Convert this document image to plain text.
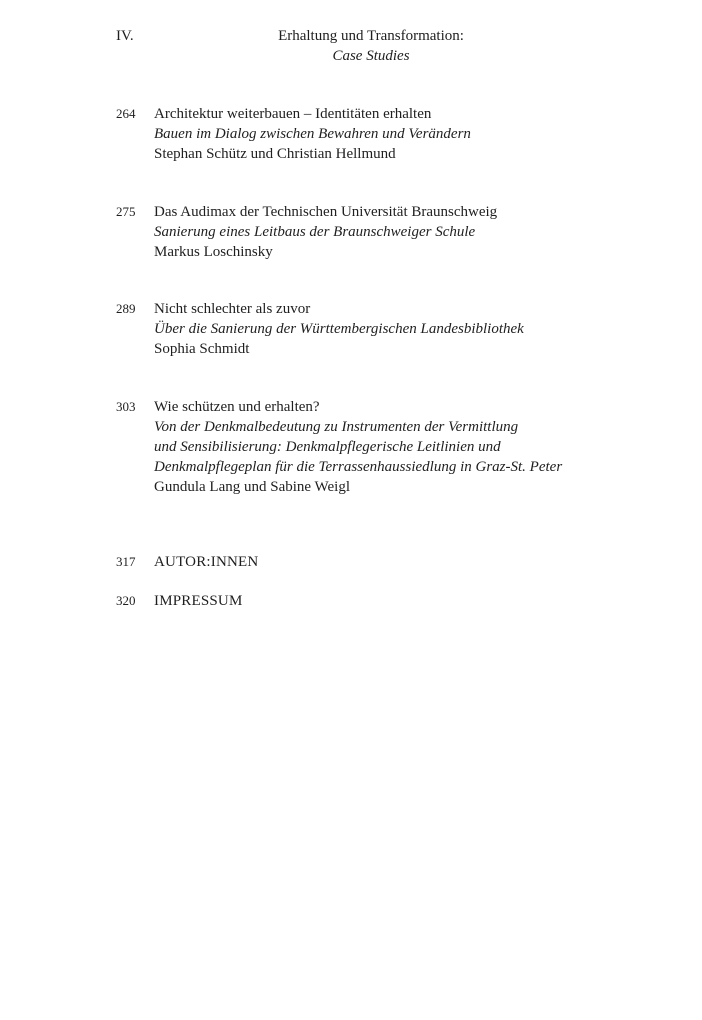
IV.	Erhaltung und Transformation:
Case Studies
264	Architektur weiterbauen – Identitäten erhalten
Bauen im Dialog zwischen Bewahren und Verändern
Stephan Schütz und Christian Hellmund
275	Das Audimax der Technischen Universität Braunschweig
Sanierung eines Leitbaus der Braunschweiger Schule
Markus Loschinsky
289	Nicht schlechter als zuvor
Über die Sanierung der Württembergischen Landesbibliothek
Sophia Schmidt
303	Wie schützen und erhalten?
Von der Denkmalbedeutung zu Instrumenten der Vermittlung
und Sensibilisierung: Denkmalpflegerische Leitlinien und
Denkmalpflegeplan für die Terrassenhaussiedlung in Graz-St. Peter
Gundula Lang und Sabine Weigl
317	AUTOR:INNEN
320	IMPRESSUM
